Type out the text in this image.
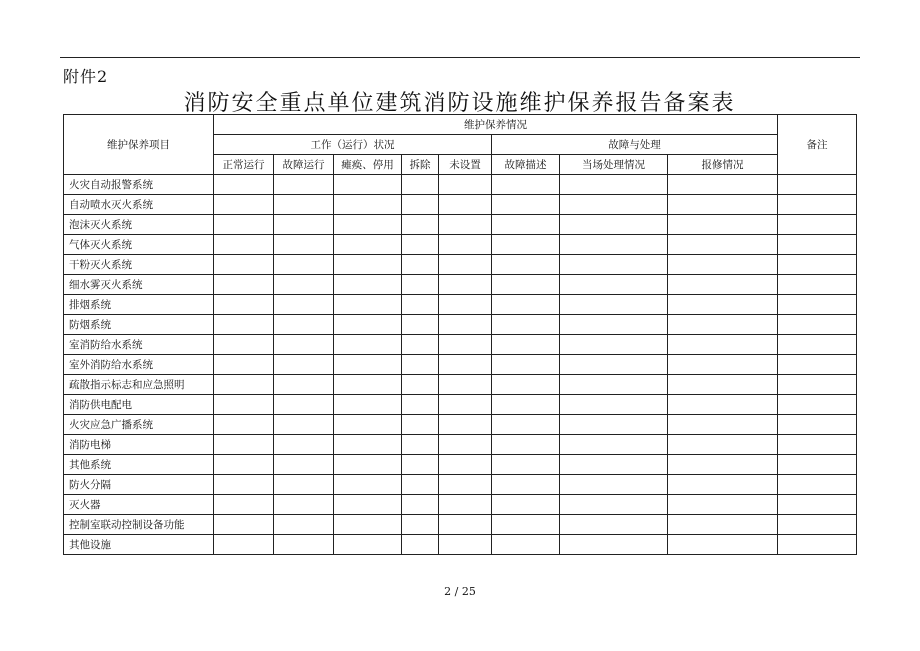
附件2
消防安全重点单位建筑消防设施维护保养报告备案表
维护保养项目	维护保养情况								备注
	工作（运行）状况					故障与处理			
	正常运行	故障运行	瘫痪、停用	拆除	未设置	故障描述	当场处理情况	报修情况	
火灾自动报警系统									
自动喷水灭火系统									
泡沫灭火系统									
气体灭火系统									
干粉灭火系统									
细水雾灭火系统									
排烟系统									
防烟系统									
室消防给水系统									
室外消防给水系统									
疏散指示标志和应急照明									
消防供电配电									
火灾应急广播系统									
消防电梯									
其他系统									
防火分隔									
灭火器									
控制室联动控制设备功能									
其他设施									
2 / 25
